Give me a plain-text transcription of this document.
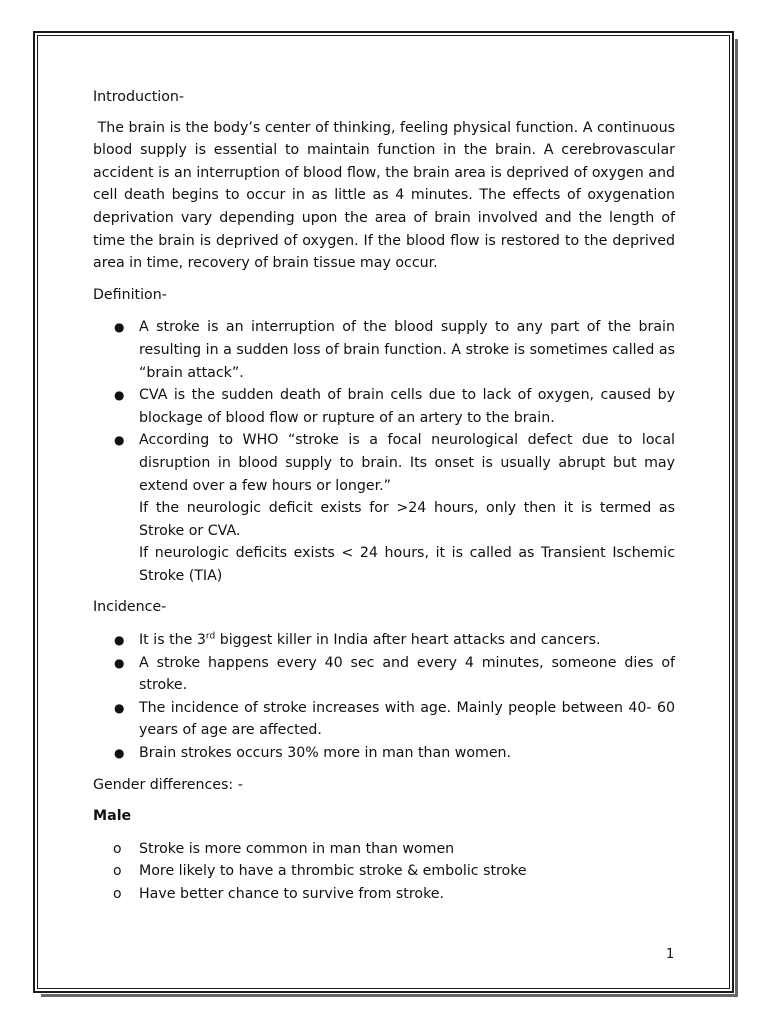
Introduction-

The brain is the body’s center of thinking, feeling physical function. A continuous blood supply is essential to maintain function in the brain. A cerebrovascular accident is an interruption of blood flow, the brain area is deprived of oxygen and cell death begins to occur in as little as 4 minutes. The effects of oxygenation deprivation vary depending upon the area of brain involved and the length of time the brain is deprived of oxygen. If the blood flow is restored to the deprived area in time, recovery of brain tissue may occur.

Definition-

● A stroke is an interruption of the blood supply to any part of the brain resulting in a sudden loss of brain function. A stroke is sometimes called as “brain attack”.
● CVA is the sudden death of brain cells due to lack of oxygen, caused by blockage of blood flow or rupture of an artery to the brain.
● According to WHO “stroke is a focal neurological defect due to local disruption in blood supply to brain. Its onset is usually abrupt but may extend over a few hours or longer.”
If the neurologic deficit exists for >24 hours, only then it is termed as Stroke or CVA.
If neurologic deficits exists < 24 hours, it is called as Transient Ischemic Stroke (TIA)

Incidence-

● It is the 3rd biggest killer in India after heart attacks and cancers.
● A stroke happens every 40 sec and every 4 minutes, someone dies of stroke.
● The incidence of stroke increases with age. Mainly people between 40- 60 years of age are affected.
● Brain strokes occurs 30% more in man than women.

Gender differences: -

Male

o Stroke is more common in man than women
o More likely to have a thrombic stroke & embolic stroke
o Have better chance to survive from stroke.
1
